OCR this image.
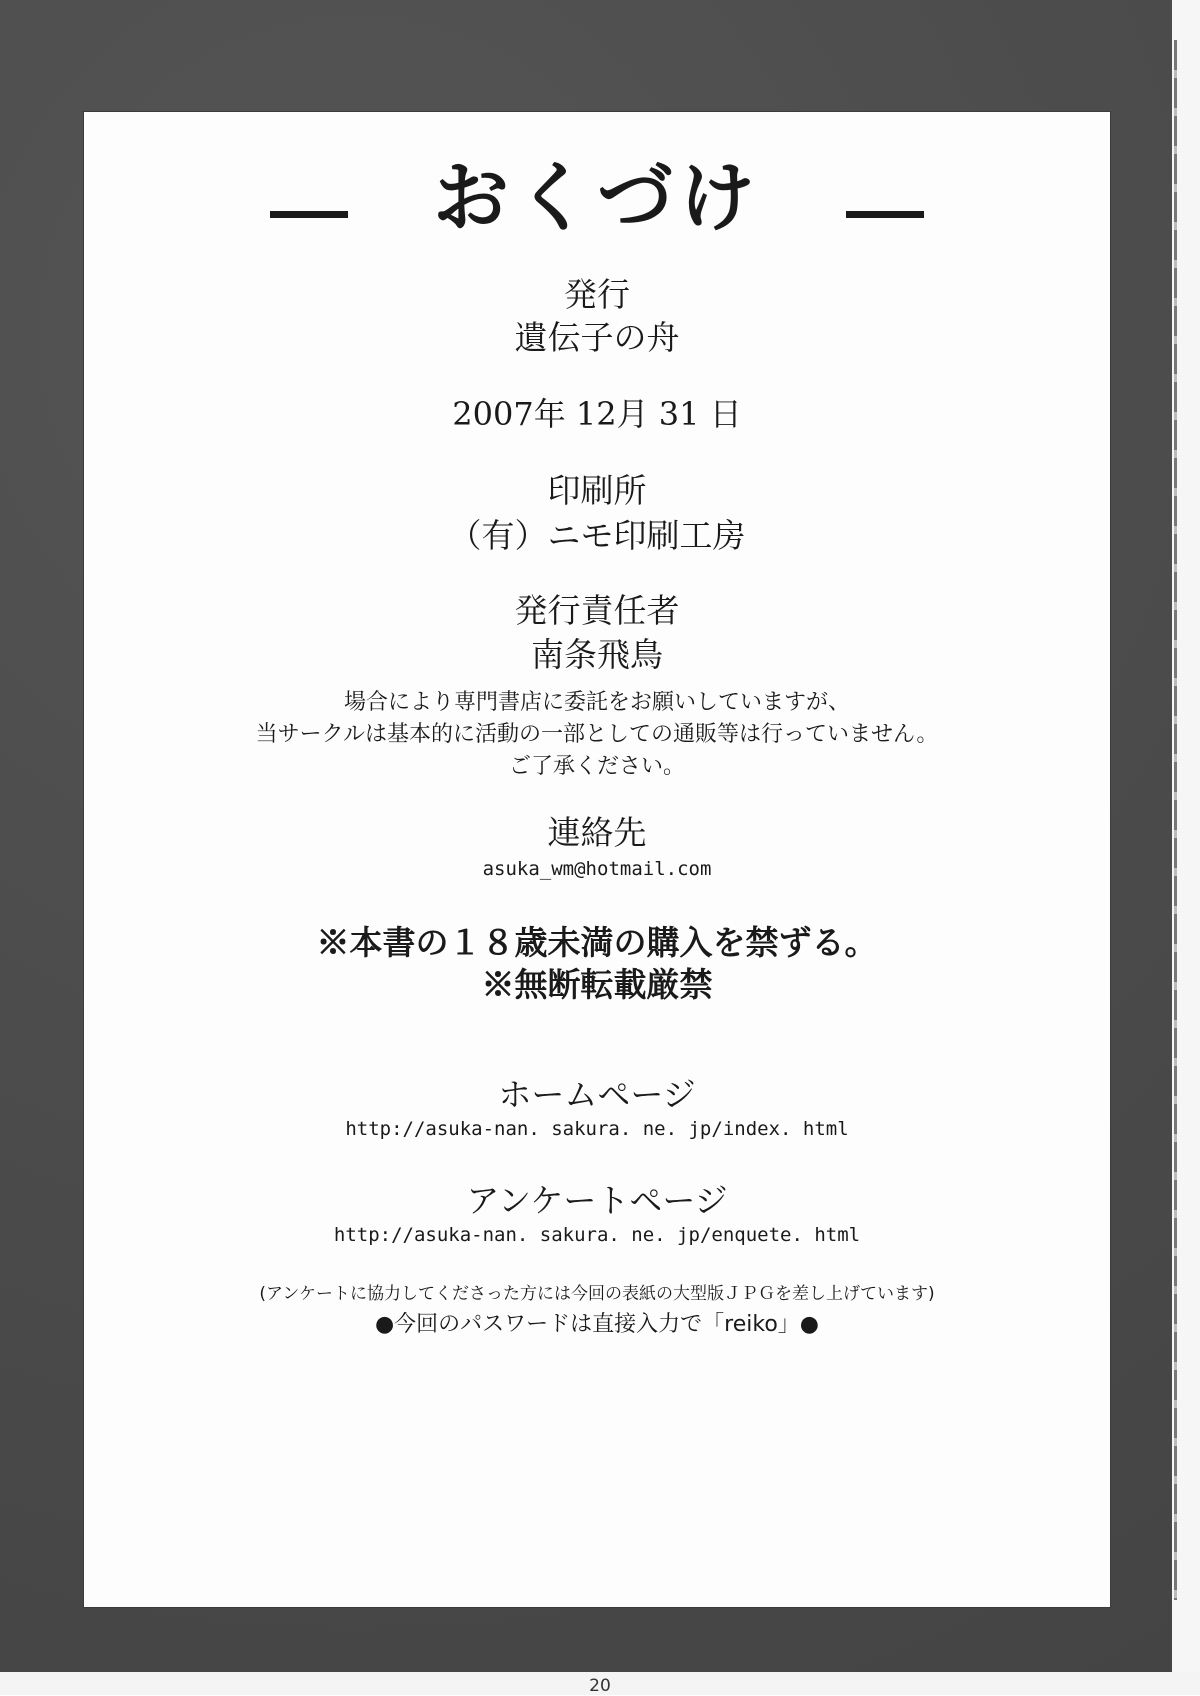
おくづけ
発行
遺伝子の舟
2007年 12月 31 日
印刷所
（有）ニモ印刷工房
発行責任者
南条飛鳥
場合により専門書店に委託をお願いしていますが、
当サークルは基本的に活動の一部としての通販等は行っていません。
ご了承ください。
連絡先
asuka_wm@hotmail.com
※本書の１８歳未満の購入を禁ずる。
※無断転載厳禁
ホームページ
http://asuka-nan. sakura. ne. jp/index. html
アンケートページ
http://asuka-nan. sakura. ne. jp/enquete. html
(アンケートに協力してくださった方には今回の表紙の大型版ＪＰＧを差し上げています)
●今回のパスワードは直接入力で「reiko」●
20
